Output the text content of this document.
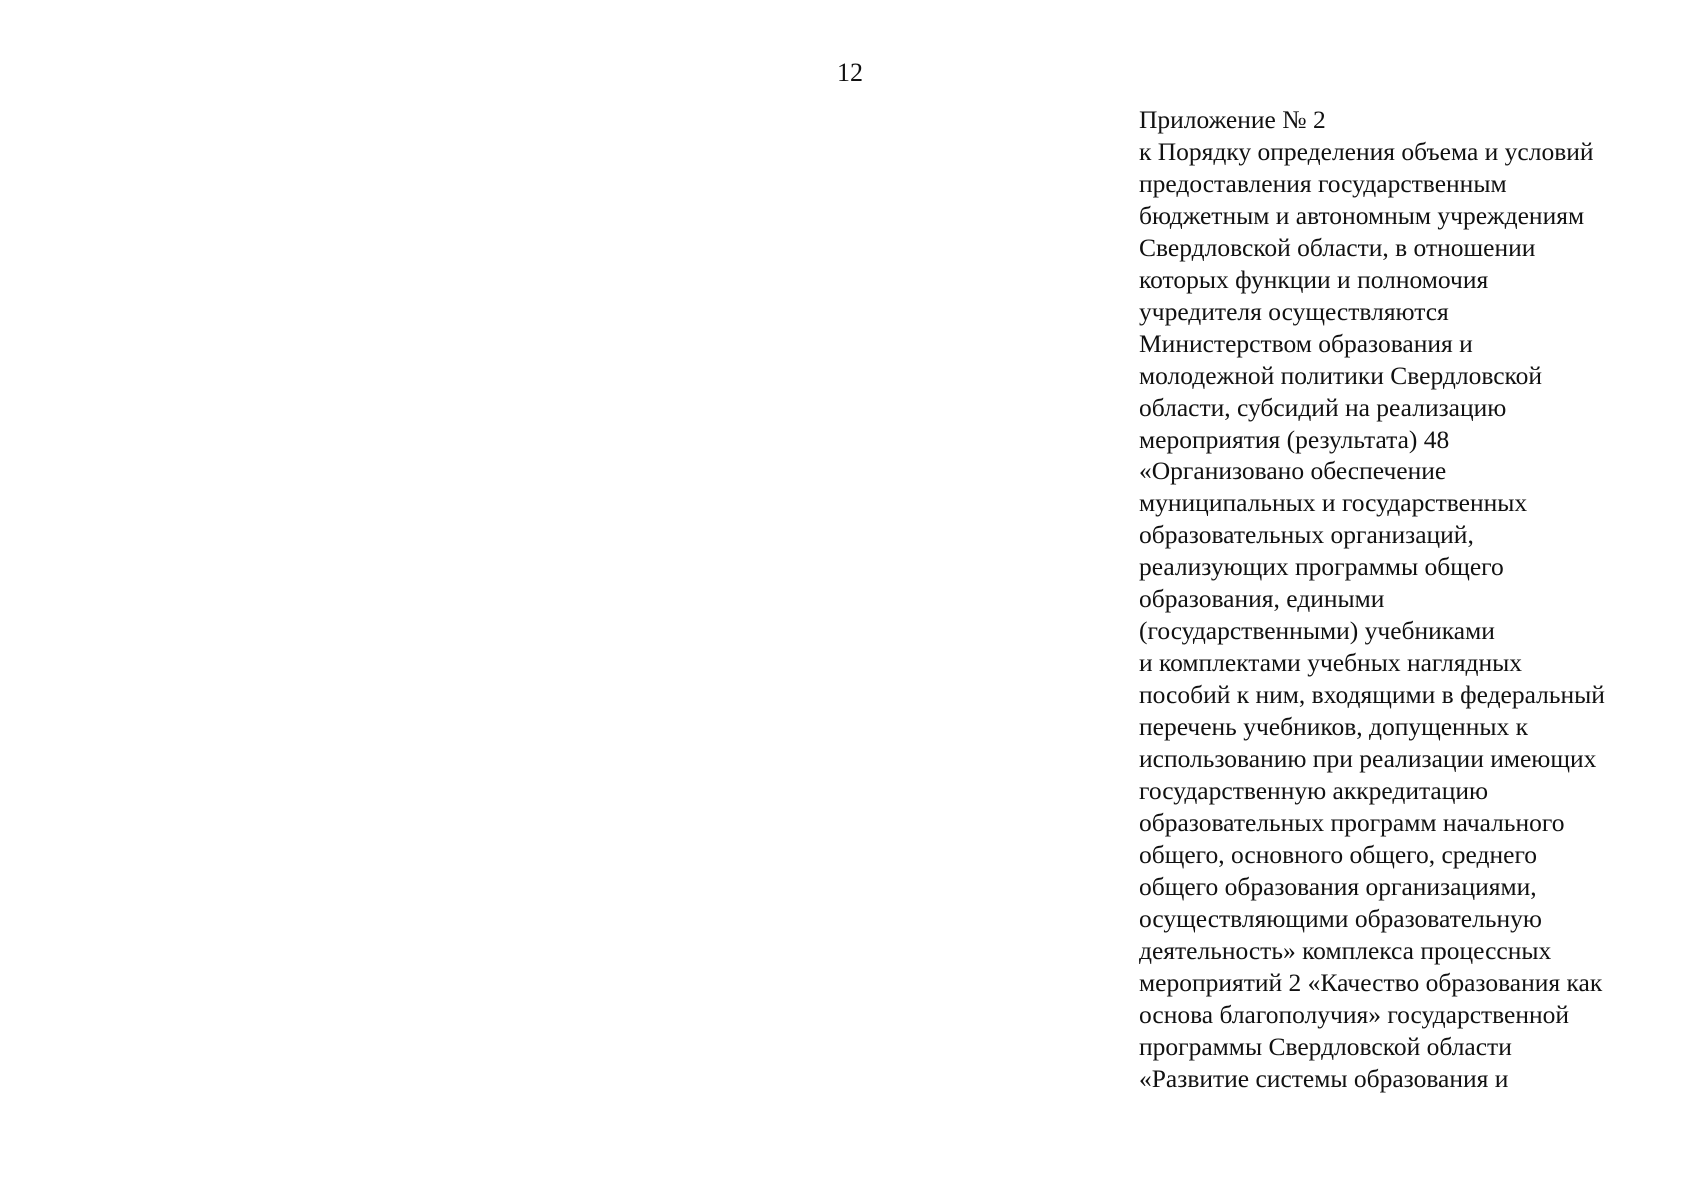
12
Приложение № 2
к Порядку определения объема и условий
предоставления государственным
бюджетным и автономным учреждениям
Свердловской области, в отношении
которых функции и полномочия
учредителя осуществляются
Министерством образования и
молодежной политики Свердловской
области, субсидий на реализацию
мероприятия (результата) 48
«Организовано обеспечение
муниципальных и государственных
образовательных организаций,
реализующих программы общего
образования, едиными
(государственными) учебниками
и комплектами учебных наглядных
пособий к ним, входящими в федеральный
перечень учебников, допущенных к
использованию при реализации имеющих
государственную аккредитацию
образовательных программ начального
общего, основного общего, среднего
общего образования организациями,
осуществляющими образовательную
деятельность» комплекса процессных
мероприятий 2 «Качество образования как
основа благополучия» государственной
программы Свердловской области
«Развитие системы образования и
